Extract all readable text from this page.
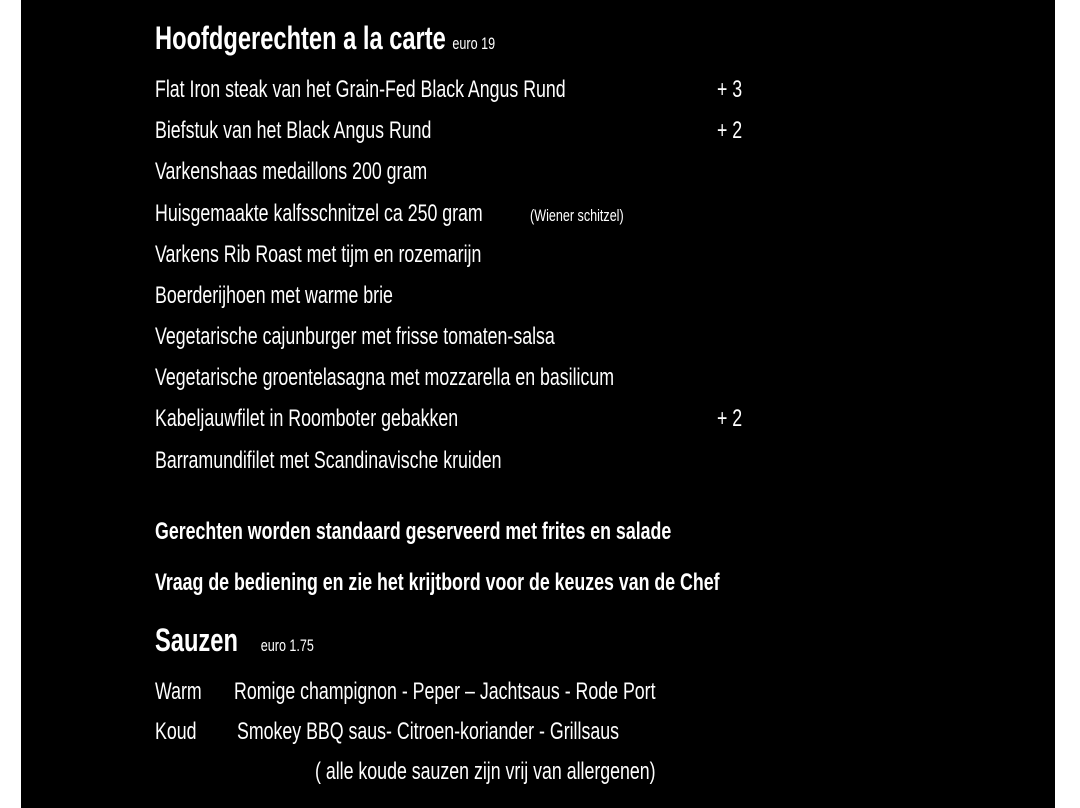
Hoofdgerechten a la carte euro 19
Flat Iron steak van het Grain-Fed Black Angus Rund	+ 3
Biefstuk van het Black Angus Rund	+ 2
Varkenshaas medaillons 200 gram
Huisgemaakte kalfsschnitzel ca 250 gram	(Wiener schitzel)
Varkens Rib Roast met tijm en rozemarijn
Boerderijhoen met warme brie
Vegetarische cajunburger met frisse tomaten-salsa
Vegetarische groentelasagna met mozzarella en basilicum
Kabeljauwfilet in Roomboter gebakken	+ 2
Barramundifilet met Scandinavische kruiden
Gerechten worden standaard geserveerd met frites en salade
Vraag de bediening en zie het krijtbord voor de keuzes van de Chef
Sauzen euro 1.75
Warm Romige champignon - Peper – Jachtsaus - Rode Port
Koud Smokey BBQ saus- Citroen-koriander - Grillsaus
( alle koude sauzen zijn vrij van allergenen)
